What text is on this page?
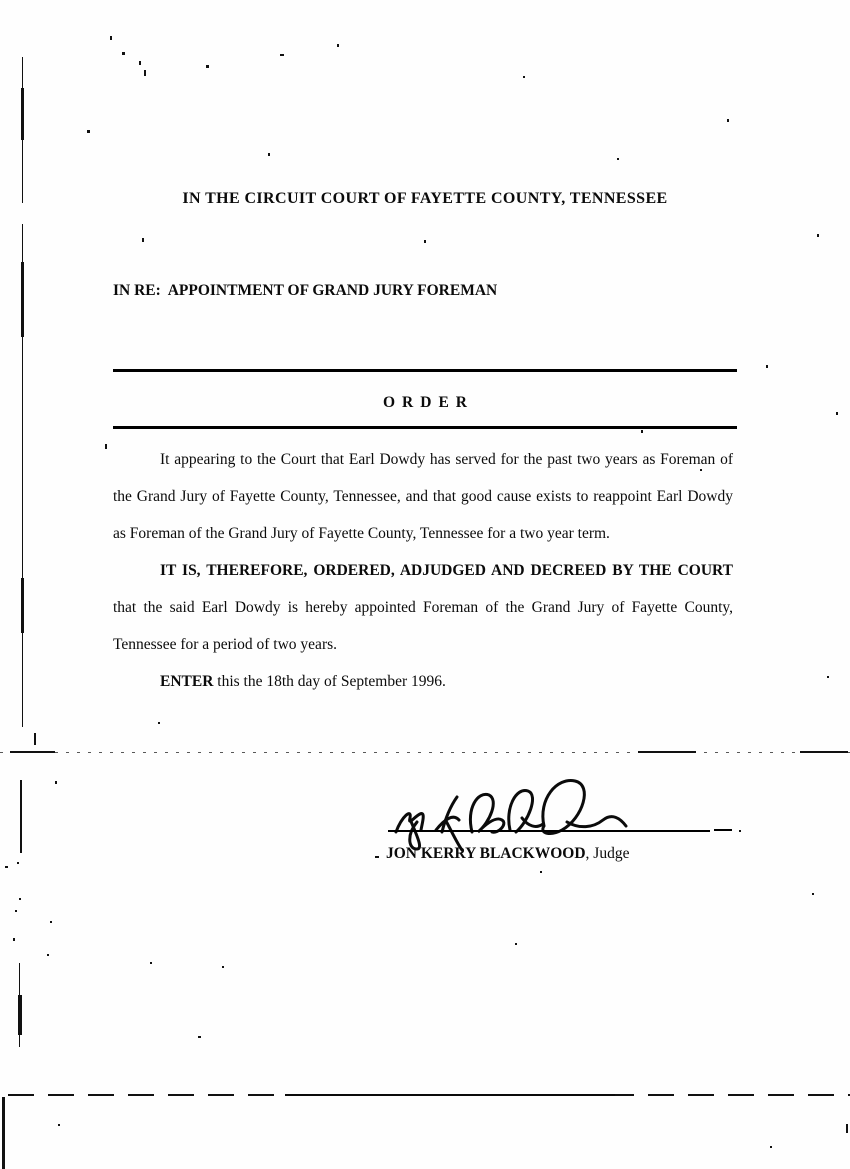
IN THE CIRCUIT COURT OF FAYETTE COUNTY, TENNESSEE
IN RE:  APPOINTMENT OF GRAND JURY FOREMAN
ORDER

It appearing to the Court that Earl Dowdy has served for the past two years as Foreman of the Grand Jury of Fayette County, Tennessee, and that good cause exists to reappoint Earl Dowdy as Foreman of the Grand Jury of Fayette County, Tennessee for a two year term.

IT IS, THEREFORE, ORDERED, ADJUDGED AND DECREED BY THE COURT that the said Earl Dowdy is hereby appointed Foreman of the Grand Jury of Fayette County, Tennessee for a period of two years.

ENTER this the 18th day of September 1996.

JON KERRY BLACKWOOD, Judge
